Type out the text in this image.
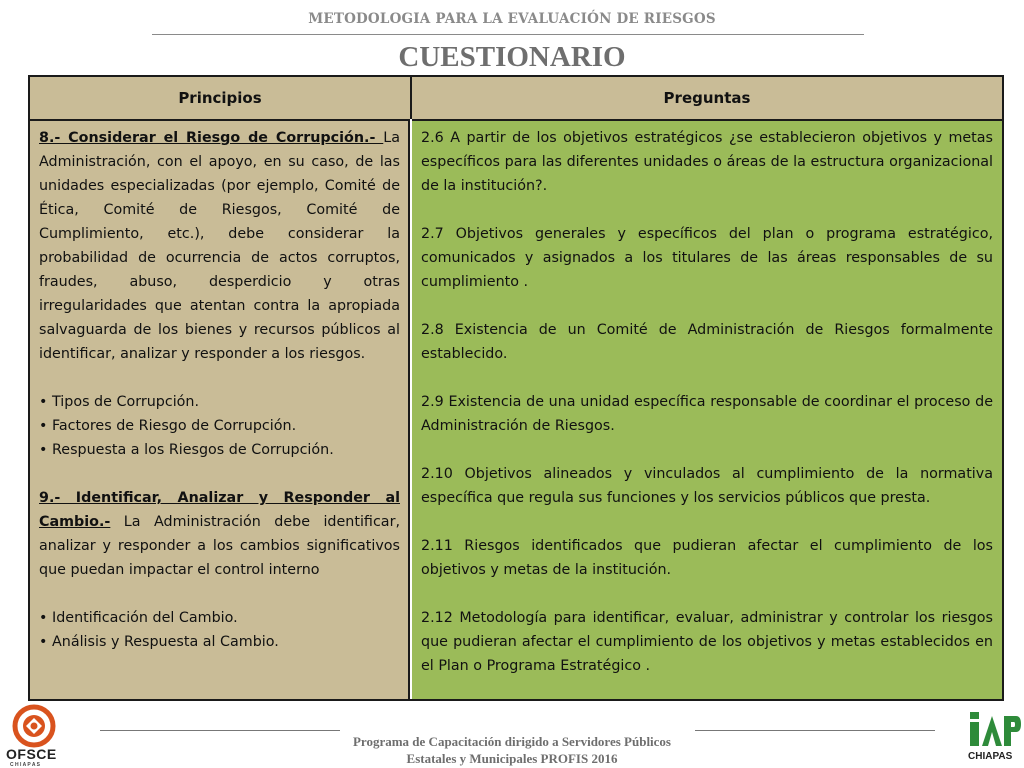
METODOLOGIA PARA LA EVALUACIÓN DE RIESGOS
CUESTIONARIO
Principios	Preguntas

8.- Considerar el Riesgo de Corrupción.- La Administración, con el apoyo, en su caso, de las unidades especializadas (por ejemplo, Comité de Ética, Comité de Riesgos, Comité de Cumplimiento, etc.), debe considerar la probabilidad de ocurrencia de actos corruptos, fraudes, abuso, desperdicio y otras irregularidades que atentan contra la apropiada salvaguarda de los bienes y recursos públicos al identificar, analizar y responder a los riesgos.

• Tipos de Corrupción.
• Factores de Riesgo de Corrupción.
• Respuesta a los Riesgos de Corrupción.

9.- Identificar, Analizar y Responder al Cambio.- La Administración debe identificar, analizar y responder a los cambios significativos que puedan impactar el control interno

• Identificación del Cambio.
• Análisis y Respuesta al Cambio.

2.6 A partir de los objetivos estratégicos ¿se establecieron objetivos y metas específicos para las diferentes unidades o áreas de la estructura organizacional de la institución?.

2.7 Objetivos generales y específicos del plan o programa estratégico, comunicados y asignados a los titulares de las áreas responsables de su cumplimiento .

2.8 Existencia de un Comité de Administración de Riesgos formalmente establecido.

2.9 Existencia de una unidad específica responsable de coordinar el proceso de Administración de Riesgos.

2.10 Objetivos alineados y vinculados al cumplimiento de la normativa específica que regula sus funciones y los servicios públicos que presta.

2.11 Riesgos identificados que pudieran afectar el cumplimiento de los objetivos y metas de la institución.

2.12 Metodología para identificar, evaluar, administrar y controlar los riesgos que pudieran afectar el cumplimiento de los objetivos y metas establecidos en el Plan o Programa Estratégico .

Programa de Capacitación dirigido a Servidores Públicos
Estatales y Municipales PROFIS 2016
OFSCE
C H I A P A S
CHIAPAS
